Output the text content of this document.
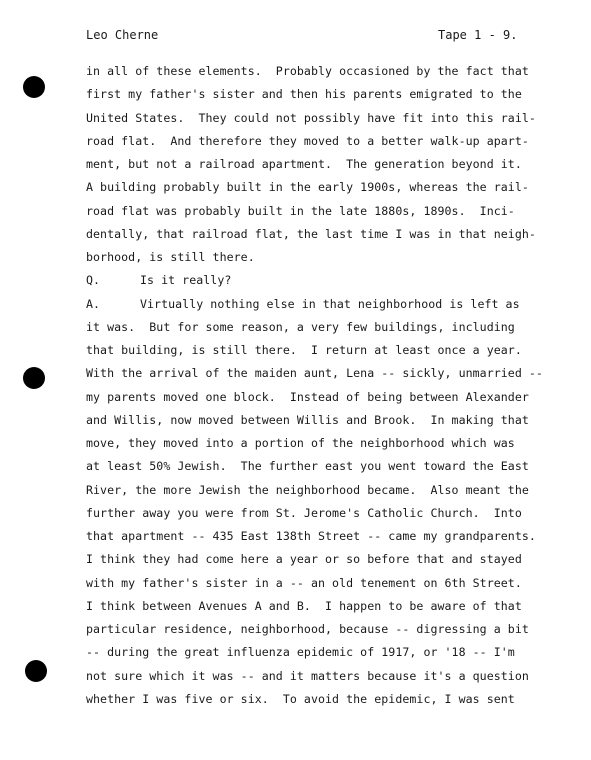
Leo Cherne	Tape 1 - 9.
in all of these elements.  Probably occasioned by the fact that
first my father's sister and then his parents emigrated to the
United States.  They could not possibly have fit into this rail-
road flat.  And therefore they moved to a better walk-up apart-
ment, but not a railroad apartment.  The generation beyond it.
A building probably built in the early 1900s, whereas the rail-
road flat was probably built in the late 1880s, 1890s.  Inci-
dentally, that railroad flat, the last time I was in that neigh-
borhood, is still there.
Q.	Is it really?
A.	Virtually nothing else in that neighborhood is left as
it was.  But for some reason, a very few buildings, including
that building, is still there.  I return at least once a year.
With the arrival of the maiden aunt, Lena -- sickly, unmarried --
my parents moved one block.  Instead of being between Alexander
and Willis, now moved between Willis and Brook.  In making that
move, they moved into a portion of the neighborhood which was
at least 50% Jewish.  The further east you went toward the East
River, the more Jewish the neighborhood became.  Also meant the
further away you were from St. Jerome's Catholic Church.  Into
that apartment -- 435 East 138th Street -- came my grandparents.
I think they had come here a year or so before that and stayed
with my father's sister in a -- an old tenement on 6th Street.
I think between Avenues A and B.  I happen to be aware of that
particular residence, neighborhood, because -- digressing a bit
-- during the great influenza epidemic of 1917, or '18 -- I'm
not sure which it was -- and it matters because it's a question
whether I was five or six.  To avoid the epidemic, I was sent
